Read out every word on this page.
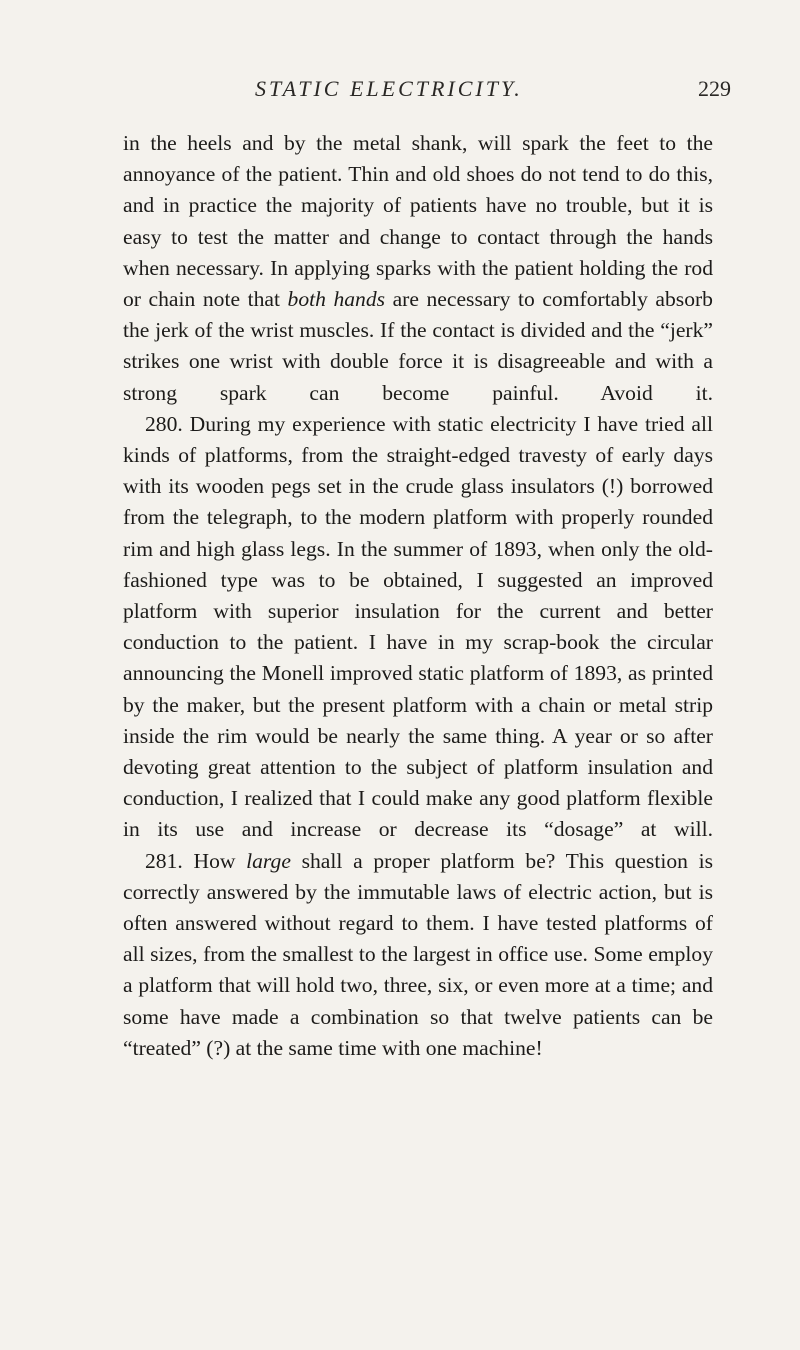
STATIC ELECTRICITY.	229

in the heels and by the metal shank, will spark the feet to the annoyance of the patient. Thin and old shoes do not tend to do this, and in practice the majority of patients have no trouble, but it is easy to test the matter and change to contact through the hands when necessary. In applying sparks with the patient holding the rod or chain note that both hands are necessary to comfortably absorb the jerk of the wrist muscles. If the contact is divided and the “jerk” strikes one wrist with double force it is disagreeable and with a strong spark can become painful. Avoid it.

280. During my experience with static electricity I have tried all kinds of platforms, from the straight-edged travesty of early days with its wooden pegs set in the crude glass insulators (!) borrowed from the telegraph, to the modern platform with properly rounded rim and high glass legs. In the summer of 1893, when only the old-fashioned type was to be obtained, I suggested an improved platform with superior insulation for the current and better conduction to the patient. I have in my scrap-book the circular announcing the Monell improved static platform of 1893, as printed by the maker, but the present platform with a chain or metal strip inside the rim would be nearly the same thing. A year or so after devoting great attention to the subject of platform insulation and conduction, I realized that I could make any good platform flexible in its use and increase or decrease its “dosage” at will.

281. How large shall a proper platform be? This question is correctly answered by the immutable laws of electric action, but is often answered without regard to them. I have tested platforms of all sizes, from the smallest to the largest in office use. Some employ a platform that will hold two, three, six, or even more at a time; and some have made a combination so that twelve patients can be “treated” (?) at the same time with one machine!
